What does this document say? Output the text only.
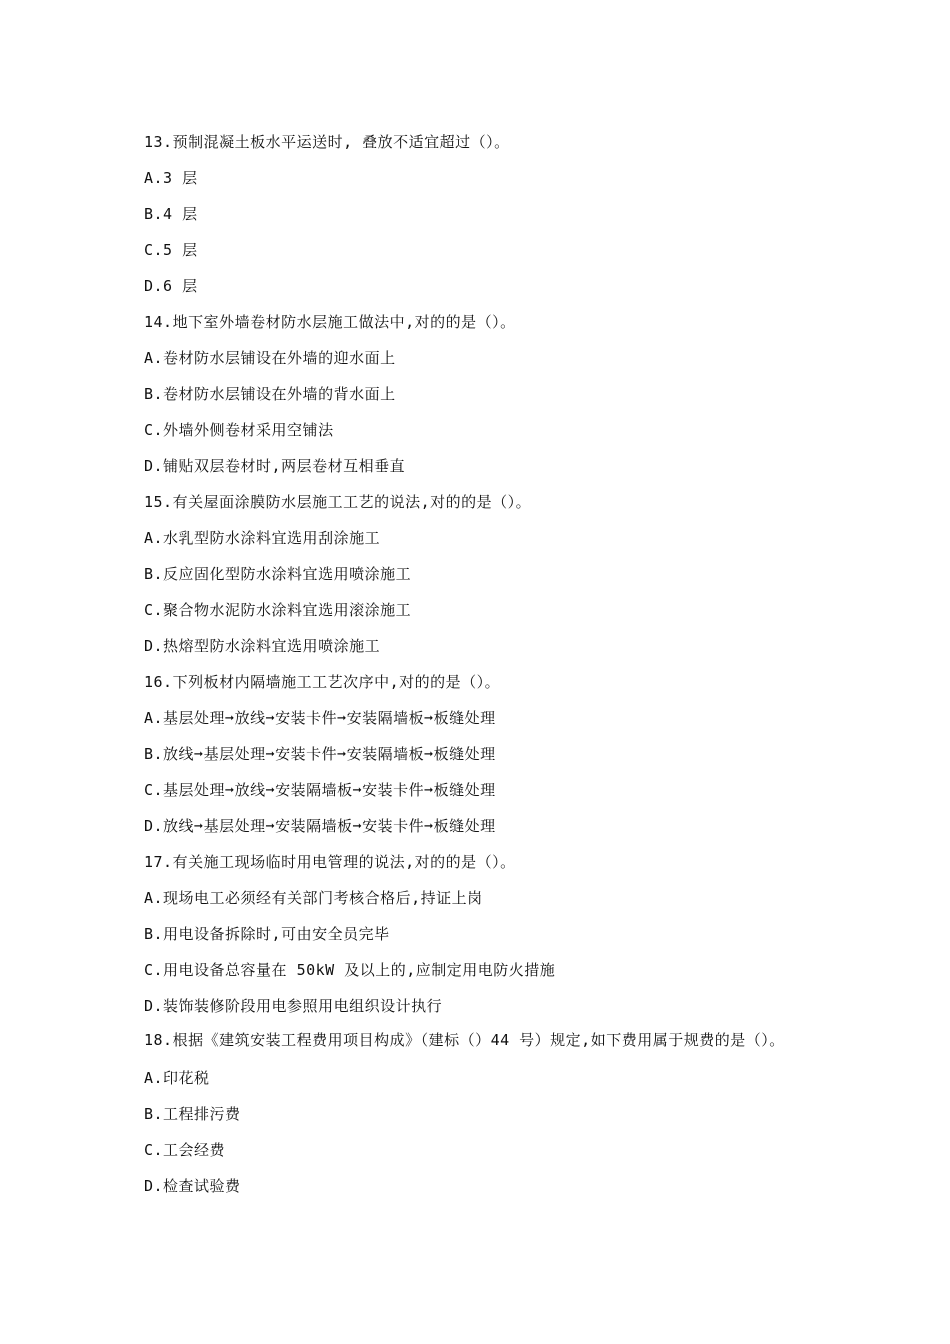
13.预制混凝土板水平运送时, 叠放不适宜超过（）。

A.3 层

B.4 层

C.5 层

D.6 层

14.地下室外墙卷材防水层施工做法中,对的的是（）。

A.卷材防水层铺设在外墙的迎水面上

B.卷材防水层铺设在外墙的背水面上

C.外墙外侧卷材采用空铺法

D.铺贴双层卷材时,两层卷材互相垂直

15.有关屋面涂膜防水层施工工艺的说法,对的的是（）。

A.水乳型防水涂料宜选用刮涂施工

B.反应固化型防水涂料宜选用喷涂施工

C.聚合物水泥防水涂料宜选用滚涂施工

D.热熔型防水涂料宜选用喷涂施工

16.下列板材内隔墙施工工艺次序中,对的的是（）。

A.基层处理➞放线➞安装卡件➞安装隔墙板➞板缝处理

B.放线➞基层处理➞安装卡件➞安装隔墙板➞板缝处理

C.基层处理➞放线➞安装隔墙板➞安装卡件➞板缝处理

D.放线➞基层处理➞安装隔墙板➞安装卡件➞板缝处理

17.有关施工现场临时用电管理的说法,对的的是（）。

A.现场电工必须经有关部门考核合格后,持证上岗

B.用电设备拆除时,可由安全员完毕

C.用电设备总容量在 50kW 及以上的,应制定用电防火措施

D.装饰装修阶段用电参照用电组织设计执行

18.根据《建筑安装工程费用项目构成》（建标（）44 号）规定,如下费用属于规费的是（）。

A.印花税

B.工程排污费

C.工会经费

D.检查试验费
